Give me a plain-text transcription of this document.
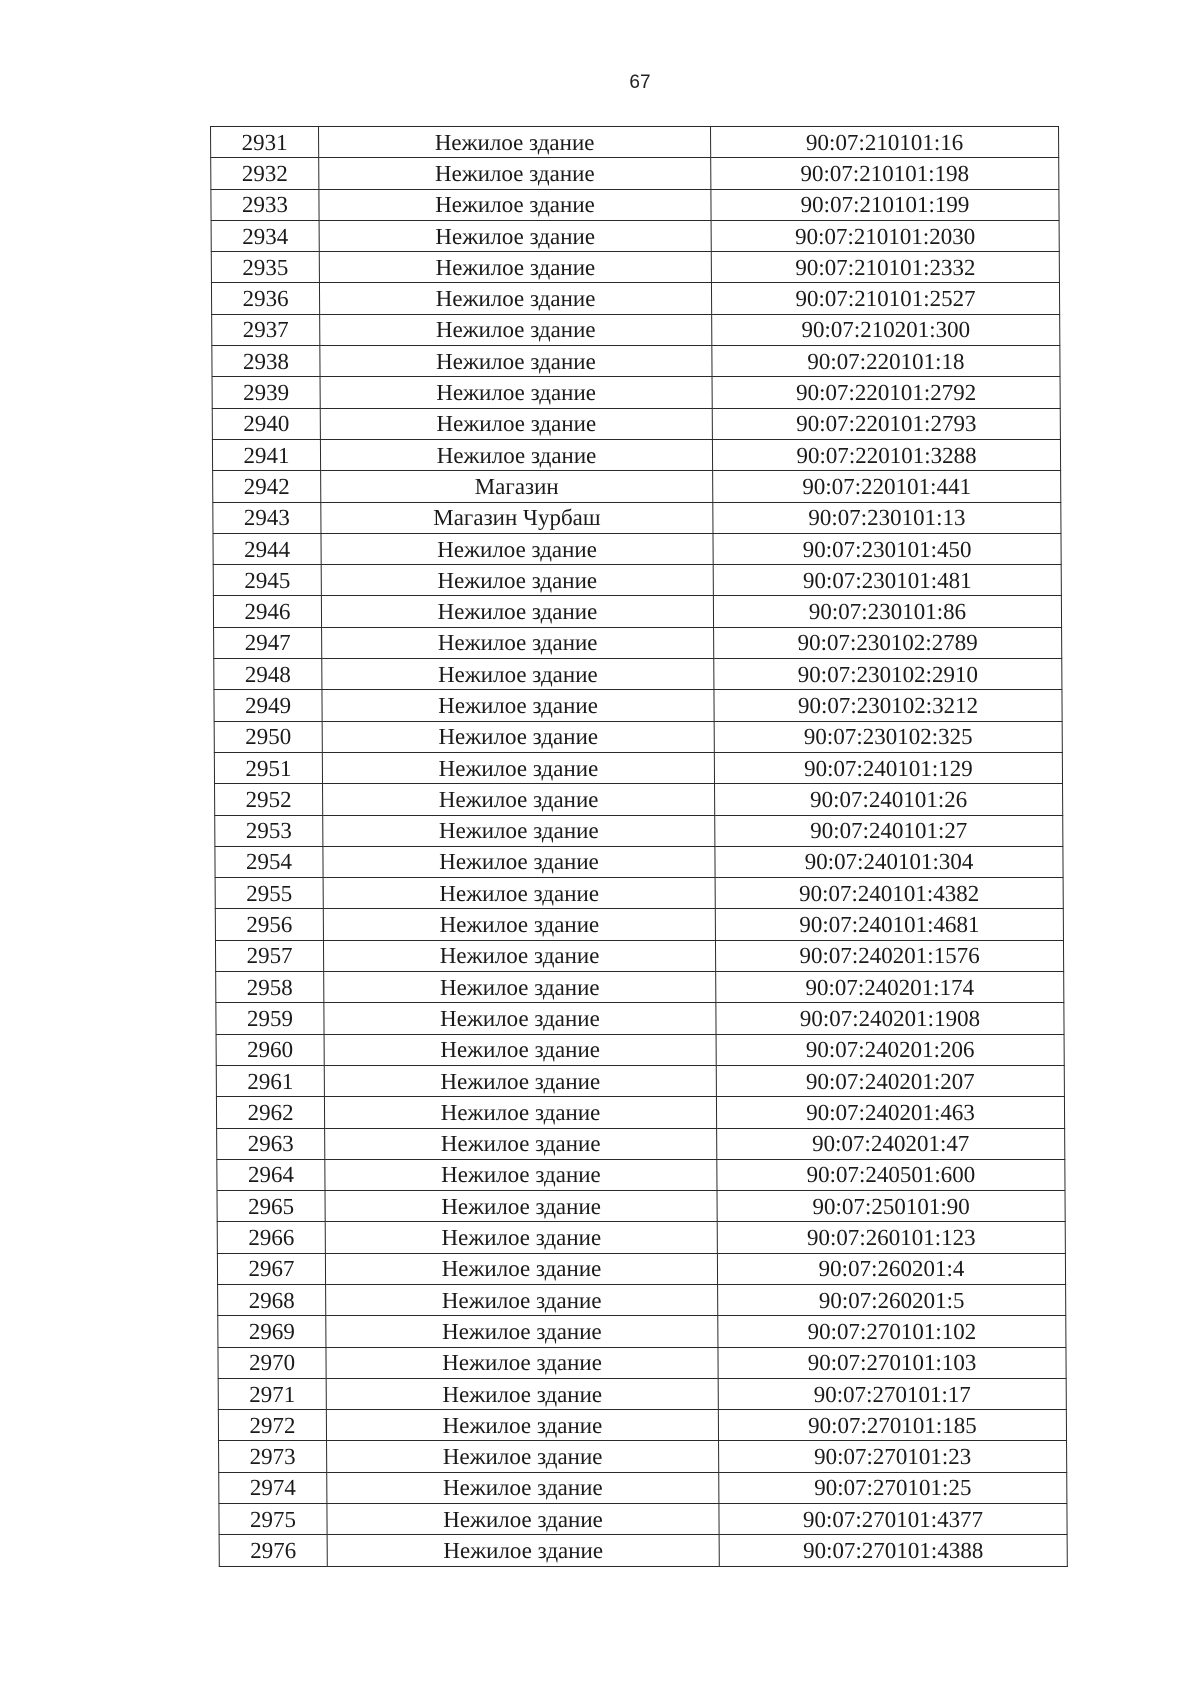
67
2931	Нежилое здание	90:07:210101:16
2932	Нежилое здание	90:07:210101:198
2933	Нежилое здание	90:07:210101:199
2934	Нежилое здание	90:07:210101:2030
2935	Нежилое здание	90:07:210101:2332
2936	Нежилое здание	90:07:210101:2527
2937	Нежилое здание	90:07:210201:300
2938	Нежилое здание	90:07:220101:18
2939	Нежилое здание	90:07:220101:2792
2940	Нежилое здание	90:07:220101:2793
2941	Нежилое здание	90:07:220101:3288
2942	Магазин	90:07:220101:441
2943	Магазин Чурбаш	90:07:230101:13
2944	Нежилое здание	90:07:230101:450
2945	Нежилое здание	90:07:230101:481
2946	Нежилое здание	90:07:230101:86
2947	Нежилое здание	90:07:230102:2789
2948	Нежилое здание	90:07:230102:2910
2949	Нежилое здание	90:07:230102:3212
2950	Нежилое здание	90:07:230102:325
2951	Нежилое здание	90:07:240101:129
2952	Нежилое здание	90:07:240101:26
2953	Нежилое здание	90:07:240101:27
2954	Нежилое здание	90:07:240101:304
2955	Нежилое здание	90:07:240101:4382
2956	Нежилое здание	90:07:240101:4681
2957	Нежилое здание	90:07:240201:1576
2958	Нежилое здание	90:07:240201:174
2959	Нежилое здание	90:07:240201:1908
2960	Нежилое здание	90:07:240201:206
2961	Нежилое здание	90:07:240201:207
2962	Нежилое здание	90:07:240201:463
2963	Нежилое здание	90:07:240201:47
2964	Нежилое здание	90:07:240501:600
2965	Нежилое здание	90:07:250101:90
2966	Нежилое здание	90:07:260101:123
2967	Нежилое здание	90:07:260201:4
2968	Нежилое здание	90:07:260201:5
2969	Нежилое здание	90:07:270101:102
2970	Нежилое здание	90:07:270101:103
2971	Нежилое здание	90:07:270101:17
2972	Нежилое здание	90:07:270101:185
2973	Нежилое здание	90:07:270101:23
2974	Нежилое здание	90:07:270101:25
2975	Нежилое здание	90:07:270101:4377
2976	Нежилое здание	90:07:270101:4388
